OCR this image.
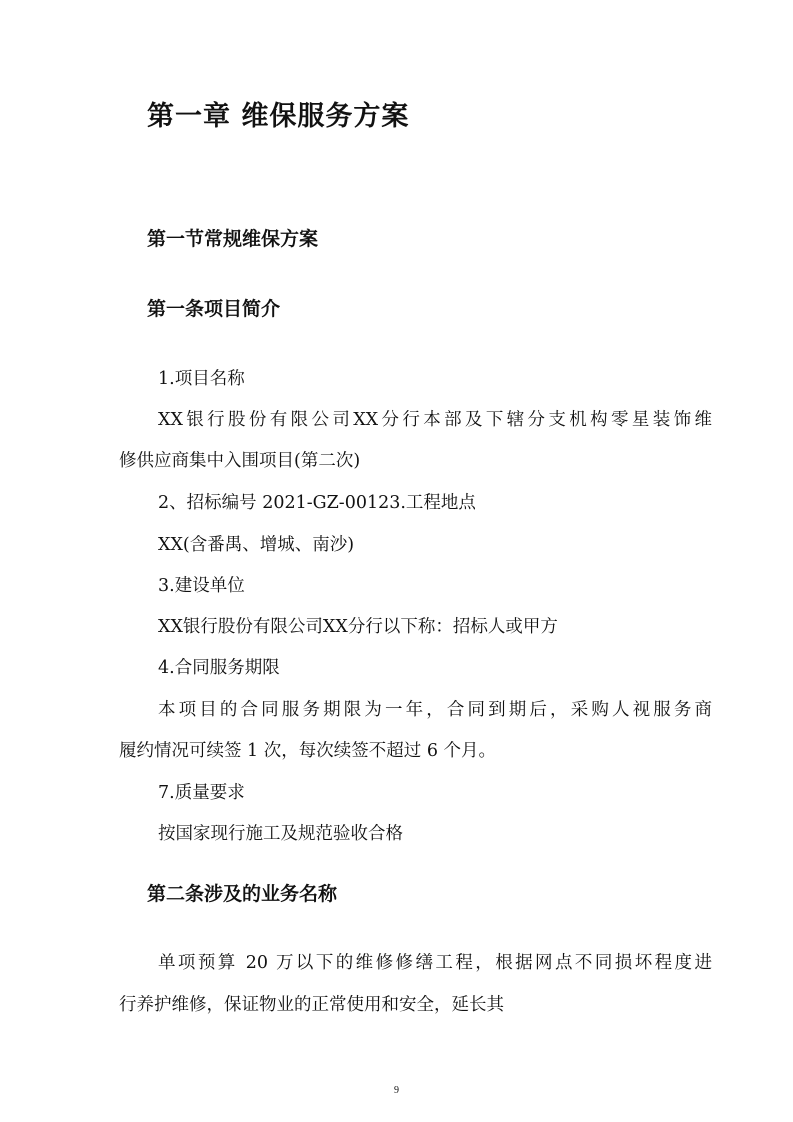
第一章 维保服务方案
第一节常规维保方案
第一条项目简介
1.项目名称
XX银行股份有限公司XX分行本部及下辖分支机构零星装饰维
修供应商集中入围项目(第二次)
2、招标编号 2021-GZ-00123.工程地点
XX(含番禺、增城、南沙)
3.建设单位
XX银行股份有限公司XX分行以下称：招标人或甲方
4.合同服务期限
本项目的合同服务期限为一年，合同到期后，采购人视服务商
履约情况可续签 1 次，每次续签不超过 6 个月。
7.质量要求
按国家现行施工及规范验收合格
第二条涉及的业务名称
单项预算 20 万以下的维修修缮工程，根据网点不同损坏程度进
行养护维修，保证物业的正常使用和安全，延长其
9
